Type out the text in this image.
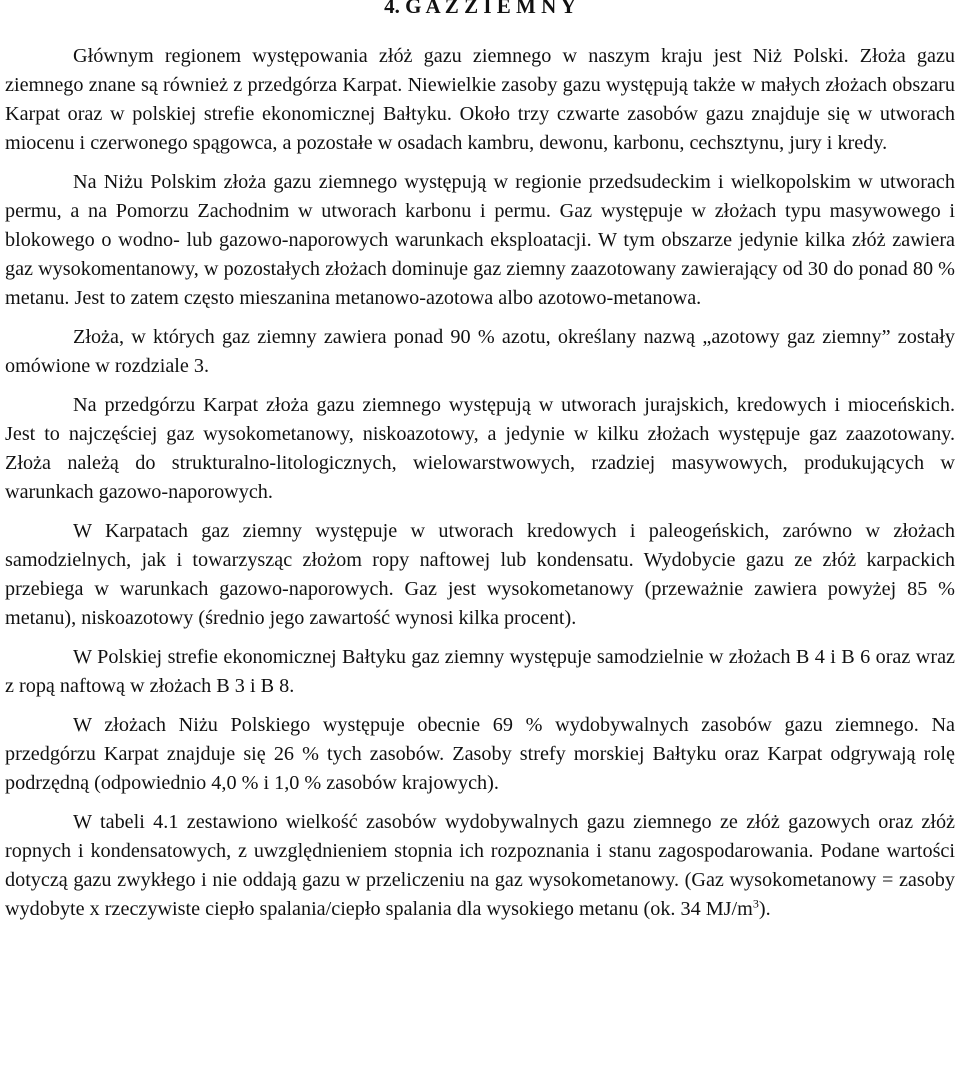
4. G A Z Z I E M N Y

Głównym regionem występowania złóż gazu ziemnego w naszym kraju jest Niż Polski. Złoża gazu ziemnego znane są również z przedgórza Karpat. Niewielkie zasoby gazu występują także w małych złożach obszaru Karpat oraz w polskiej strefie ekonomicznej Bałtyku. Około trzy czwarte zasobów gazu znajduje się w utworach miocenu i czerwonego spągowca, a pozostałe w osadach kambru, dewonu, karbonu, cechsztynu, jury i kredy.

Na Niżu Polskim złoża gazu ziemnego występują w regionie przedsudeckim i wielkopolskim w utworach permu, a na Pomorzu Zachodnim w utworach karbonu i permu. Gaz występuje w złożach typu masywowego i blokowego o wodno- lub gazowo-naporowych warunkach eksploatacji. W tym obszarze jedynie kilka złóż zawiera gaz wysokomentanowy, w pozostałych złożach dominuje gaz ziemny zaazotowany zawierający od 30 do ponad 80 % metanu. Jest to zatem często mieszanina metanowo-azotowa albo azotowo-metanowa.

Złoża, w których gaz ziemny zawiera ponad 90 % azotu, określany nazwą „azotowy gaz ziemny” zostały omówione w rozdziale 3.

Na przedgórzu Karpat złoża gazu ziemnego występują w utworach jurajskich, kredowych i mioceńskich. Jest to najczęściej gaz wysokometanowy, niskoazotowy, a jedynie w kilku złożach występuje gaz zaazotowany. Złoża należą do strukturalno-litologicznych, wielowarstwowych, rzadziej masywowych, produkujących w warunkach gazowo-naporowych.

W Karpatach gaz ziemny występuje w utworach kredowych i paleogeńskich, zarówno w złożach samodzielnych, jak i towarzysząc złożom ropy naftowej lub kondensatu. Wydobycie gazu ze złóż karpackich przebiega w warunkach gazowo-naporowych. Gaz jest wysokometanowy (przeważnie zawiera powyżej 85 % metanu), niskoazotowy (średnio jego zawartość wynosi kilka procent).

W Polskiej strefie ekonomicznej Bałtyku gaz ziemny występuje samodzielnie w złożach B 4 i B 6 oraz wraz z ropą naftową w złożach B 3 i B 8.

W złożach Niżu Polskiego występuje obecnie 69 % wydobywalnych zasobów gazu ziemnego. Na przedgórzu Karpat znajduje się 26 % tych zasobów. Zasoby strefy morskiej Bałtyku oraz Karpat odgrywają rolę podrzędną (odpowiednio 4,0 % i 1,0 % zasobów krajowych).

W tabeli 4.1 zestawiono wielkość zasobów wydobywalnych gazu ziemnego ze złóż gazowych oraz złóż ropnych i kondensatowych, z uwzględnieniem stopnia ich rozpoznania i stanu zagospodarowania. Podane wartości dotyczą gazu zwykłego i nie oddają gazu w przeliczeniu na gaz wysokometanowy. (Gaz wysokometanowy = zasoby wydobyte x rzeczywiste ciepło spalania/ciepło spalania dla wysokiego metanu (ok. 34 $MJ/m^3$).
